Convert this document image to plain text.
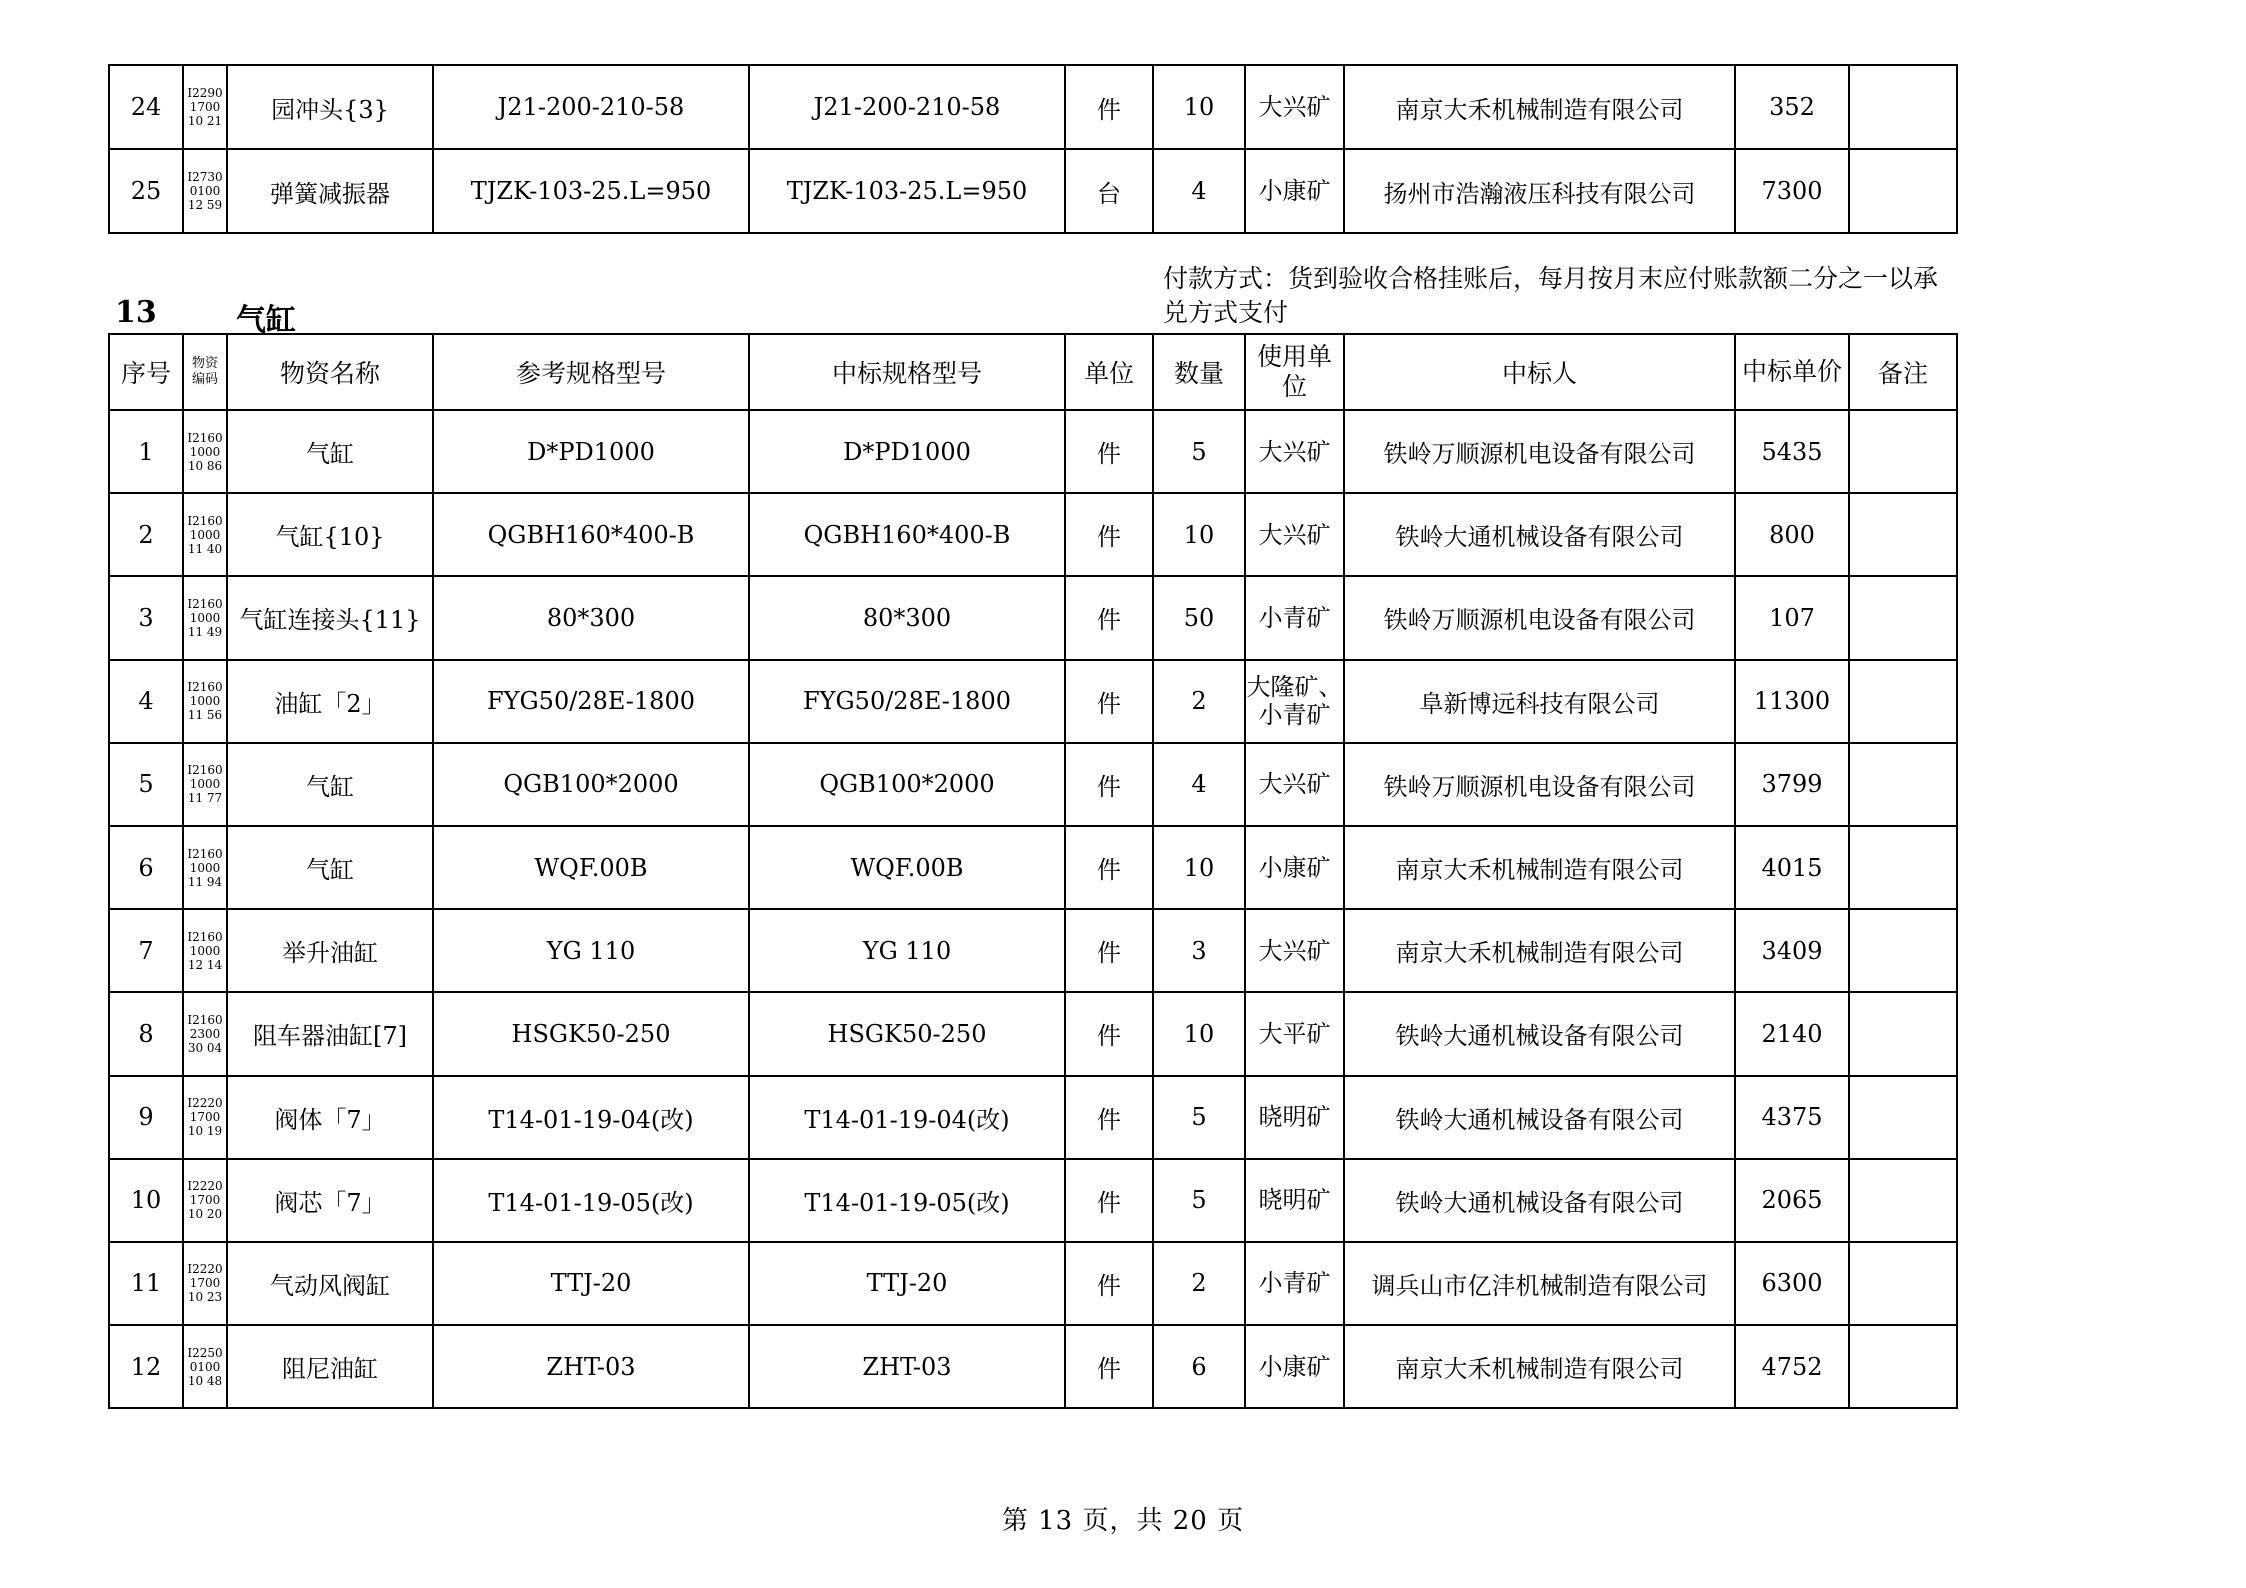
24	I2290170010 21	园冲头{3}	J21-200-210-58	J21-200-210-58	件	10	大兴矿	南京大禾机械制造有限公司	352	
25	I2730010012 59	弹簧减振器	TJZK-103-25.L=950	TJZK-103-25.L=950	台	4	小康矿	扬州市浩瀚液压科技有限公司	7300	
13	气缸
付款方式：货到验收合格挂账后，每月按月末应付账款额二分之一以承兑方式支付
序号	物资编码	物资名称	参考规格型号	中标规格型号	单位	数量	使用单位	中标人	中标单价	备注
1	I2160100010 86	气缸	D*PD1000	D*PD1000	件	5	大兴矿	铁岭万顺源机电设备有限公司	5435	
2	I2160100011 40	气缸{10}	QGBH160*400-B	QGBH160*400-B	件	10	大兴矿	铁岭大通机械设备有限公司	800	
3	I2160100011 49	气缸连接头{11}	80*300	80*300	件	50	小青矿	铁岭万顺源机电设备有限公司	107	
4	I2160100011 56	油缸「2」	FYG50/28E-1800	FYG50/28E-1800	件	2	大隆矿、小青矿	阜新博远科技有限公司	11300	
5	I2160100011 77	气缸	QGB100*2000	QGB100*2000	件	4	大兴矿	铁岭万顺源机电设备有限公司	3799	
6	I2160100011 94	气缸	WQF.00B	WQF.00B	件	10	小康矿	南京大禾机械制造有限公司	4015	
7	I2160100012 14	举升油缸	YG 110	YG 110	件	3	大兴矿	南京大禾机械制造有限公司	3409	
8	I2160230030 04	阻车器油缸[7]	HSGK50-250	HSGK50-250	件	10	大平矿	铁岭大通机械设备有限公司	2140	
9	I2220170010 19	阀体「7」	T14-01-19-04(改)	T14-01-19-04(改)	件	5	晓明矿	铁岭大通机械设备有限公司	4375	
10	I2220170010 20	阀芯「7」	T14-01-19-05(改)	T14-01-19-05(改)	件	5	晓明矿	铁岭大通机械设备有限公司	2065	
11	I2220170010 23	气动风阀缸	TTJ-20	TTJ-20	件	2	小青矿	调兵山市亿沣机械制造有限公司	6300	
12	I2250010010 48	阻尼油缸	ZHT-03	ZHT-03	件	6	小康矿	南京大禾机械制造有限公司	4752	
第 13 页，共 20 页
